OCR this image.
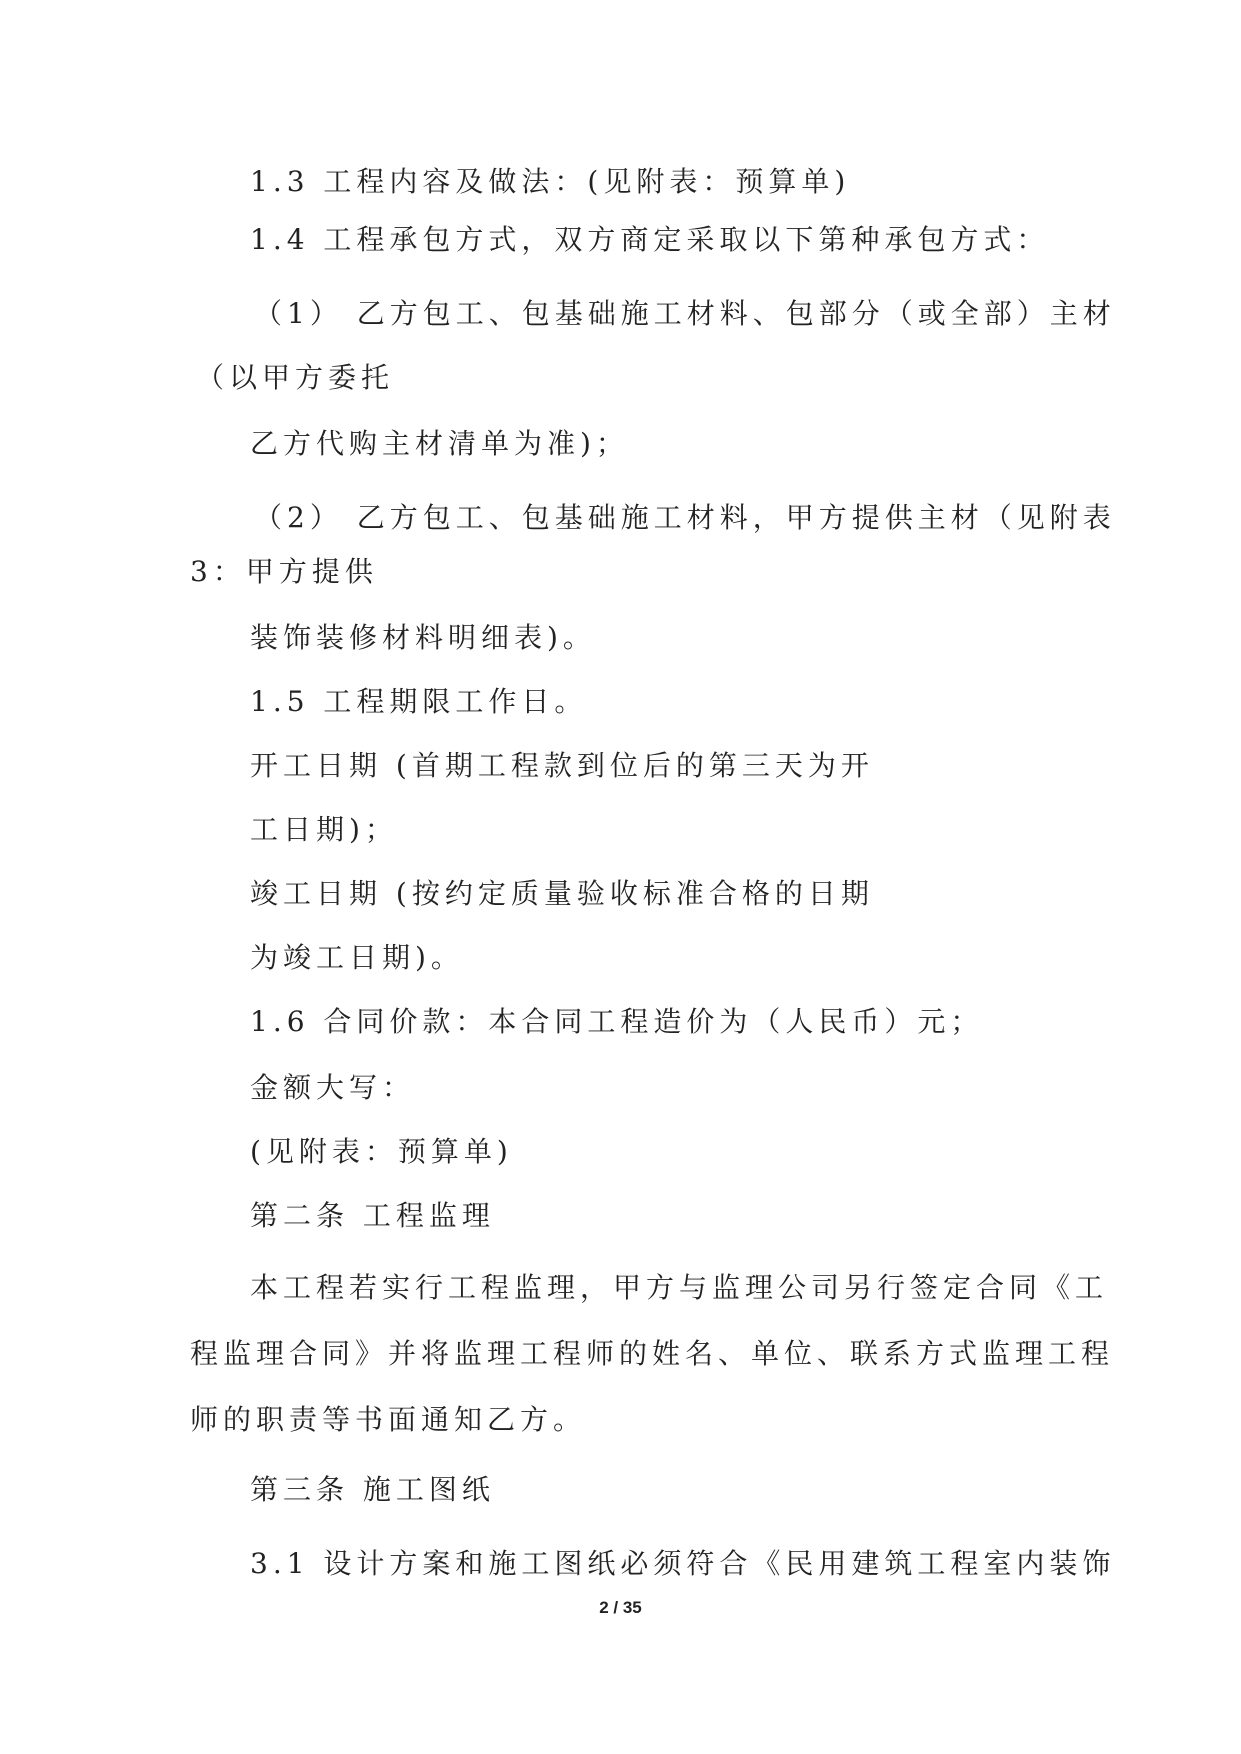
1.3 工程内容及做法：(见附表：预算单)
1.4 工程承包方式，双方商定采取以下第种承包方式：
（1） 乙方包工、包基础施工材料、包部分（或全部）主材
（以甲方委托
乙方代购主材清单为准)；
（2） 乙方包工、包基础施工材料，甲方提供主材（见附表
3：甲方提供
装饰装修材料明细表)。
1.5 工程期限工作日。
开工日期 (首期工程款到位后的第三天为开
工日期)；
竣工日期 (按约定质量验收标准合格的日期
为竣工日期)。
1.6 合同价款：本合同工程造价为（人民币）元；
金额大写：
(见附表：预算单)
第二条 工程监理
本工程若实行工程监理，甲方与监理公司另行签定合同《工
程监理合同》并将监理工程师的姓名、单位、联系方式监理工程
师的职责等书面通知乙方。
第三条 施工图纸
3.1 设计方案和施工图纸必须符合《民用建筑工程室内装饰
2 / 35
